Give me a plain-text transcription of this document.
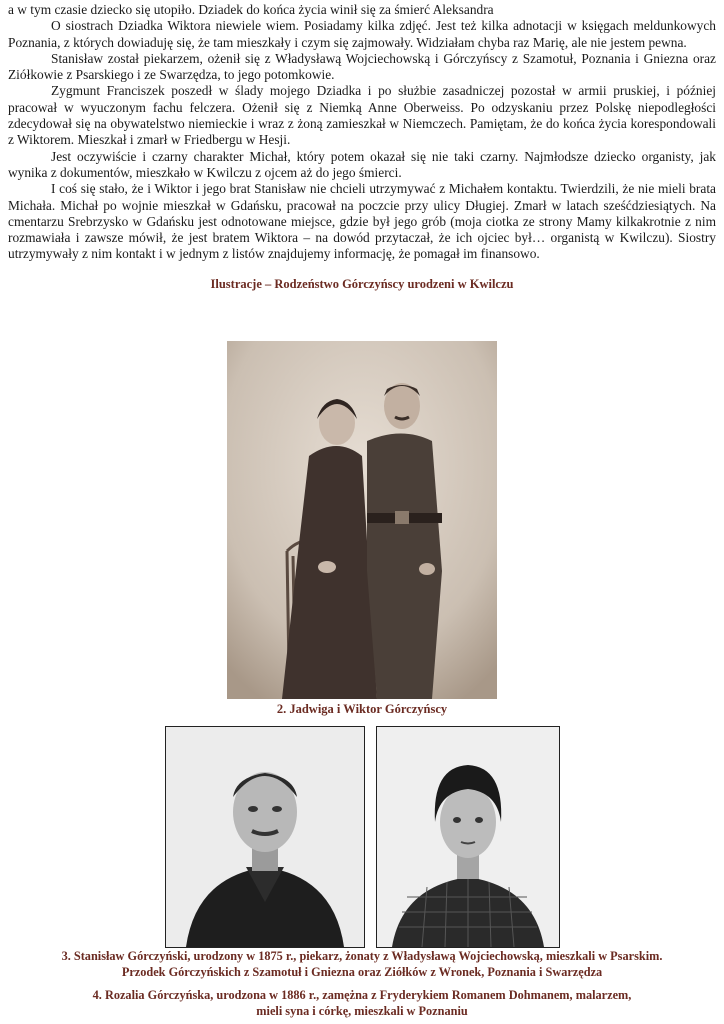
a w tym czasie dziecko się utopiło. Dziadek do końca życia winił się za śmierć Aleksandra

O siostrach Dziadka Wiktora niewiele wiem. Posiadamy kilka zdjęć. Jest też kilka adnotacji w księgach meldunkowych Poznania, z których dowiaduję się, że tam mieszkały i czym się zajmowały. Widziałam chyba raz Marię, ale nie jestem pewna.

Stanisław został piekarzem, ożenił się z Władysławą Wojciechowską i Górczyńscy z Szamotuł, Poznania i Gniezna oraz Ziółkowie z Psarskiego i ze Swarzędza, to jego potomkowie.

Zygmunt Franciszek poszedł w ślady mojego Dziadka i po służbie zasadniczej pozostał w armii pruskiej, i później pracował w wyuczonym fachu felczera. Ożenił się z Niemką Anne Oberweiss. Po odzyskaniu przez Polskę niepodległości zdecydował się na obywatelstwo niemieckie i wraz z żoną zamieszkał w Niemczech. Pamiętam, że do końca życia korespondowali z Wiktorem. Mieszkał i zmarł w Friedbergu w Hesji.

Jest oczywiście i czarny charakter Michał, który potem okazał się nie taki czarny. Najmłodsze dziecko organisty, jak wynika z dokumentów, mieszkało w Kwilczu z ojcem aż do jego śmierci.

I coś się stało, że i Wiktor i jego brat Stanisław nie chcieli utrzymywać z Michałem kontaktu. Twierdzili, że nie mieli brata Michała. Michał po wojnie mieszkał w Gdańsku, pracował na poczcie przy ulicy Długiej. Zmarł w latach sześćdziesiątych. Na cmentarzu Srebrzysko w Gdańsku jest odnotowane miejsce, gdzie był jego grób (moja ciotka ze strony Mamy kilkakrotnie z nim rozmawiała i zawsze mówił, że jest bratem Wiktora – na dowód przytaczał, że ich ojciec był… organistą w Kwilczu). Siostry utrzymywały z nim kontakt i w jednym z listów znajdujemy informację, że pomagał im finansowo.

Ilustracje – Rodzeństwo Górczyńscy urodzeni w Kwilczu
2. Jadwiga i Wiktor Górczyńscy
3. Stanisław Górczyński, urodzony w 1875 r., piekarz, żonaty z Władysławą Wojciechowską, mieszkali w Psarskim.
Przodek Górczyńskich z Szamotuł i Gniezna oraz Ziółków z Wronek, Poznania i Swarzędza
4. Rozalia Górczyńska, urodzona w 1886 r., zamężna z Fryderykiem Romanem Dohmanem, malarzem,
mieli syna i córkę, mieszkali w Poznaniu
